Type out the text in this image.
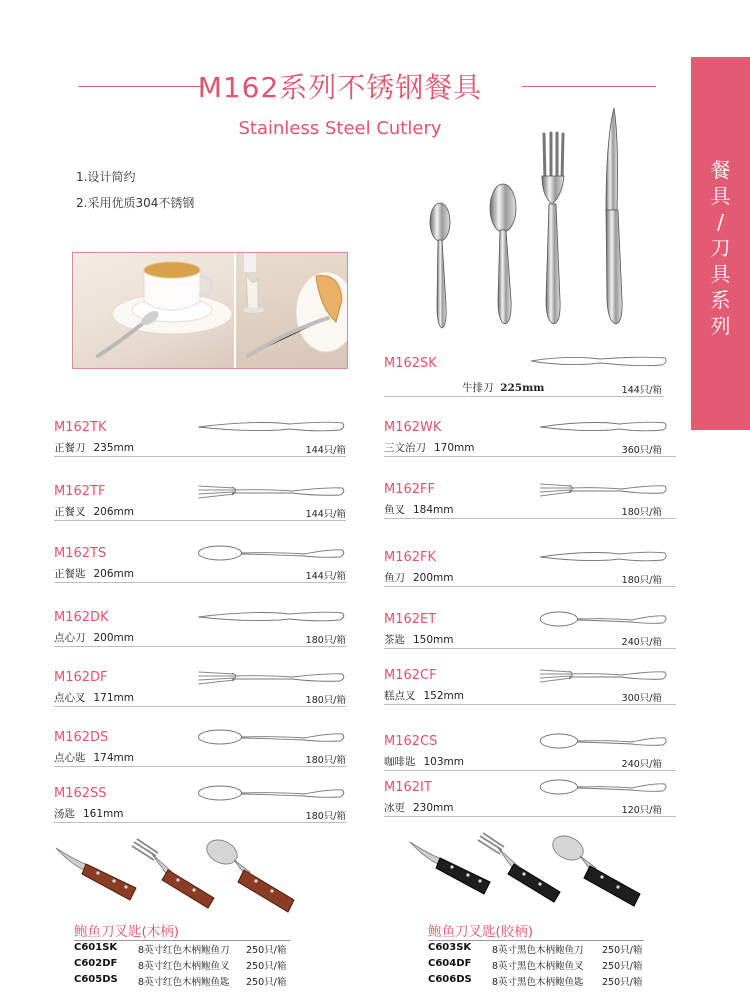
M162系列不锈钢餐具
Stainless Steel Cutlery
1.设计简约
2.采用优质304不锈钢
餐
具
/
刀
具
系
列
M162SK
牛排刀 225mm	144只/箱
M162TK
正餐刀 235mm	144只/箱
M162TF
正餐叉 206mm	144只/箱
M162TS
正餐匙 206mm	144只/箱
M162DK
点心刀 200mm	180只/箱
M162DF
点心叉 171mm	180只/箱
M162DS
点心匙 174mm	180只/箱
M162SS
汤匙 161mm	180只/箱
M162WK
三文治刀 170mm	360只/箱
M162FF
鱼叉 184mm	180只/箱
M162FK
鱼刀 200mm	180只/箱
M162ET
茶匙 150mm	240只/箱
M162CF
糕点叉 152mm	300只/箱
M162CS
咖啡匙 103mm	240只/箱
M162IT
冰更 230mm	120只/箱
鲍鱼刀叉匙(木柄)	鲍鱼刀叉匙(胶柄)
C601SK 8英寸红色木柄鲍鱼刀 250只/箱
C602DF 8英寸红色木柄鲍鱼叉 250只/箱
C605DS 8英寸红色木柄鲍鱼匙 250只/箱
C603SK 8英寸黑色木柄鲍鱼刀 250只/箱
C604DF 8英寸黑色木柄鲍鱼叉 250只/箱
C606DS 8英寸黑色木柄鲍鱼匙 250只/箱
